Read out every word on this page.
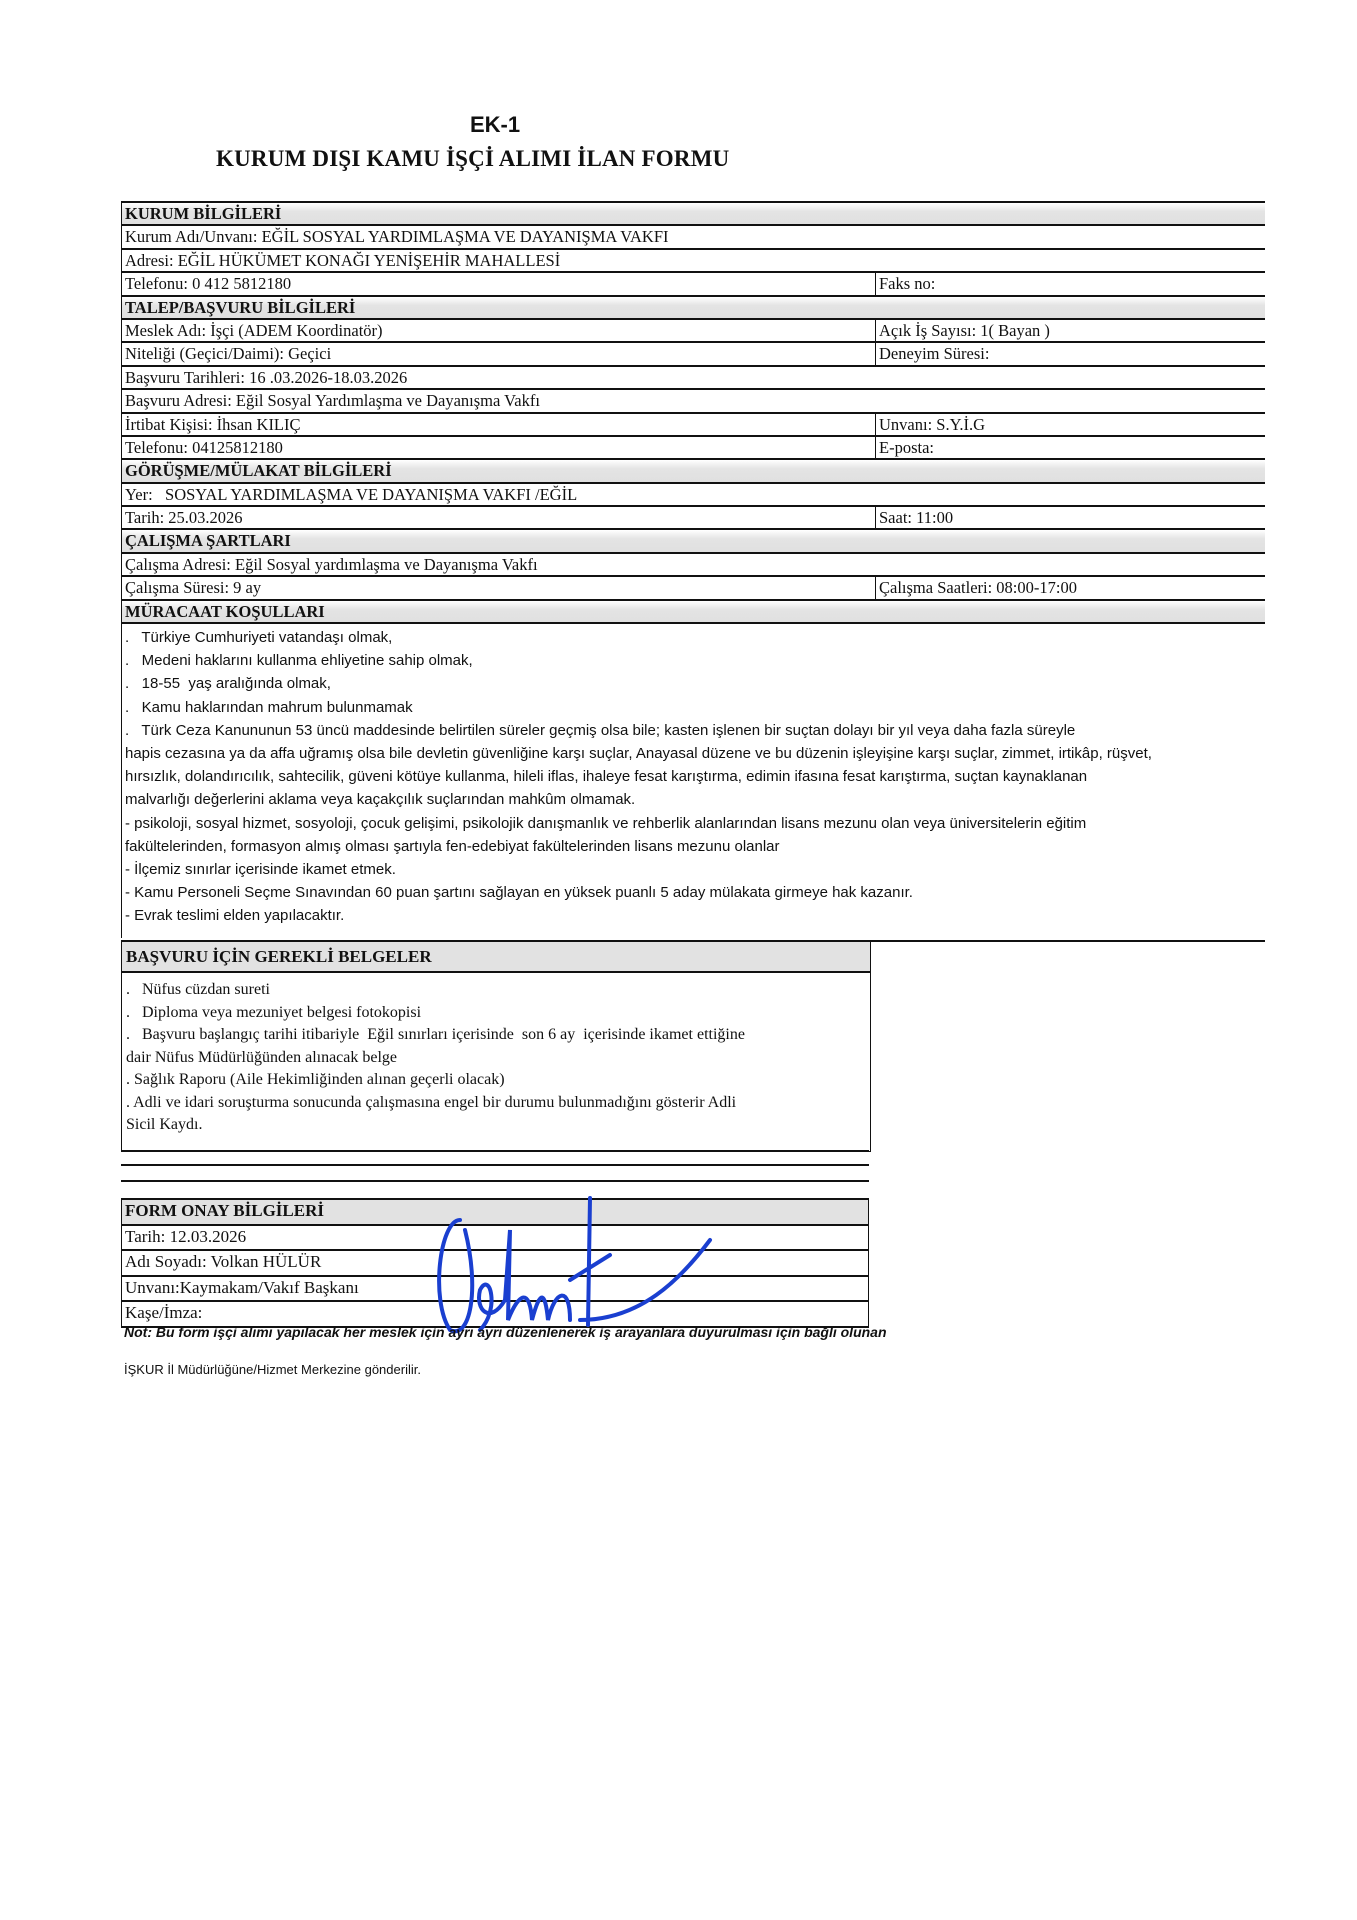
EK-1
KURUM DIŞI KAMU İŞÇİ ALIMI İLAN FORMU
KURUM BİLGİLERİ
Kurum Adı/Unvanı: EĞİL SOSYAL YARDIMLAŞMA VE DAYANIŞMA VAKFI
Adresi: EĞİL HÜKÜMET KONAĞI YENİŞEHİR MAHALLESİ
Telefonu: 0 412 5812180	Faks no:
TALEP/BAŞVURU BİLGİLERİ
Meslek Adı: İşçi (ADEM Koordinatör)	Açık İş Sayısı: 1( Bayan )
Niteliği (Geçici/Daimi): Geçici	Deneyim Süresi:
Başvuru Tarihleri: 16 .03.2026-18.03.2026
Başvuru Adresi: Eğil Sosyal Yardımlaşma ve Dayanışma Vakfı
İrtibat Kişisi: İhsan KILIÇ	Unvanı: S.Y.İ.G
Telefonu: 04125812180	E-posta:
GÖRÜŞME/MÜLAKAT BİLGİLERİ
Yer:   SOSYAL YARDIMLAŞMA VE DAYANIŞMA VAKFI /EĞİL
Tarih: 25.03.2026	Saat: 11:00
ÇALIŞMA ŞARTLARI
Çalışma Adresi: Eğil Sosyal yardımlaşma ve Dayanışma Vakfı
Çalışma Süresi: 9 ay	Çalışma Saatleri: 08:00-17:00
MÜRACAAT KOŞULLARI
.   Türkiye Cumhuriyeti vatandaşı olmak,
.   Medeni haklarını kullanma ehliyetine sahip olmak,
.   18-55  yaş aralığında olmak,
.   Kamu haklarından mahrum bulunmamak
.   Türk Ceza Kanununun 53 üncü maddesinde belirtilen süreler geçmiş olsa bile; kasten işlenen bir suçtan dolayı bir yıl veya daha fazla süreyle
hapis cezasına ya da affa uğramış olsa bile devletin güvenliğine karşı suçlar, Anayasal düzene ve bu düzenin işleyişine karşı suçlar, zimmet, irtikâp, rüşvet,
hırsızlık, dolandırıcılık, sahtecilik, güveni kötüye kullanma, hileli iflas, ihaleye fesat karıştırma, edimin ifasına fesat karıştırma, suçtan kaynaklanan
malvarlığı değerlerini aklama veya kaçakçılık suçlarından mahkûm olmamak.
- psikoloji, sosyal hizmet, sosyoloji, çocuk gelişimi, psikolojik danışmanlık ve rehberlik alanlarından lisans mezunu olan veya üniversitelerin eğitim
fakültelerinden, formasyon almış olması şartıyla fen-edebiyat fakültelerinden lisans mezunu olanlar
- İlçemiz sınırlar içerisinde ikamet etmek.
- Kamu Personeli Seçme Sınavından 60 puan şartını sağlayan en yüksek puanlı 5 aday mülakata girmeye hak kazanır.
- Evrak teslimi elden yapılacaktır.
BAŞVURU İÇİN GEREKLİ BELGELER
.   Nüfus cüzdan sureti
.   Diploma veya mezuniyet belgesi fotokopisi
.   Başvuru başlangıç tarihi itibariyle  Eğil sınırları içerisinde  son 6 ay  içerisinde ikamet ettiğine
dair Nüfus Müdürlüğünden alınacak belge
. Sağlık Raporu (Aile Hekimliğinden alınan geçerli olacak)
. Adli ve idari soruşturma sonucunda çalışmasına engel bir durumu bulunmadığını gösterir Adli
Sicil Kaydı.
FORM ONAY BİLGİLERİ
Tarih: 12.03.2026
Adı Soyadı: Volkan HÜLÜR
Unvanı:Kaymakam/Vakıf Başkanı
Kaşe/İmza:
Not: Bu form işçi alımı yapılacak her meslek için ayrı ayrı düzenlenerek iş arayanlara duyurulması için bağlı olunan
İŞKUR İl Müdürlüğüne/Hizmet Merkezine gönderilir.
